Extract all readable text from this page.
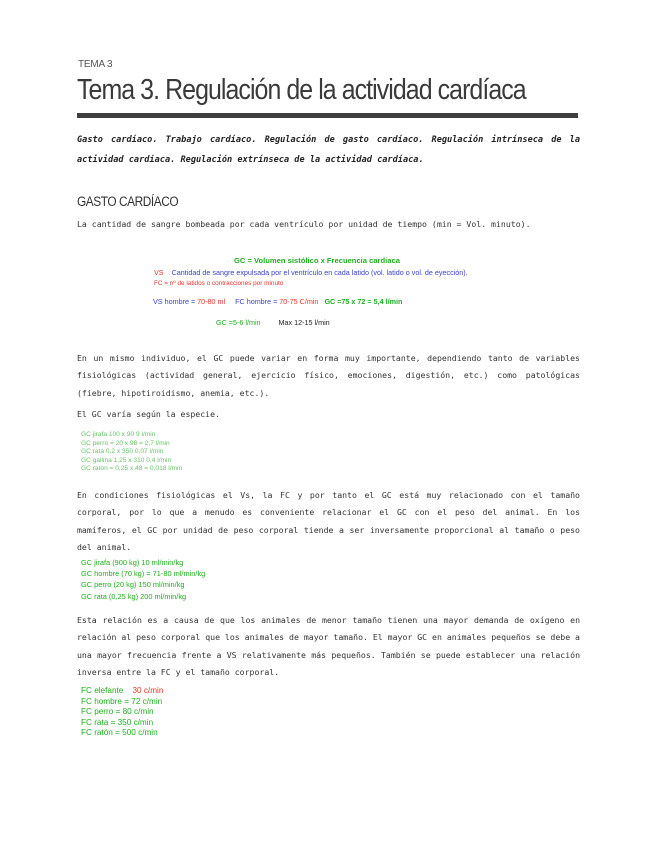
TEMA 3
Tema 3. Regulación de la actividad cardíaca
Gasto cardíaco. Trabajo cardíaco. Regulación de gasto cardíaco. Regulación intrínseca de la actividad cardíaca. Regulación extrínseca de la actividad cardíaca.
GASTO CARDÍACO
La cantidad de sangre bombeada por cada ventrículo por unidad de tiempo (min = Vol. minuto).
GC = Volumen sistólico x Frecuencia cardiaca
VS Cantidad de sangre expulsada por el ventrículo en cada latido (vol. latido o vol. de eyección).
FC = nº de latidos o contracciones por minuto
VS hombre = 70-80 ml FC hombre = 70-75 C/min GC =75 x 72 = 5,4 l/min
GC =5-6 l/min Max 12-15 l/min
En un mismo individuo, el GC puede variar en forma muy importante, dependiendo tanto de variables fisiológicas (actividad general, ejercicio físico, emociones, digestión, etc.) como patológicas (fiebre, hipotiroidismo, anemia, etc.).
El GC varía según la especie.
GC jirafa 100 x 90 9 l/min
GC perro = 20 x 98 = 2,7 l/min
GC rata 0,2 x 350 0,07 l/min
GC gallina 1,25 x 310 0,4 l/min
GC ratón = 0,25 x 48 = 0,018 l/min
En condiciones fisiológicas el Vs, la FC y por tanto el GC está muy relacionado con el tamaño corporal, por lo que a menudo es conveniente relacionar el GC con el peso del animal. En los mamíferos, el GC por unidad de peso corporal tiende a ser inversamente proporcional al tamaño o peso del animal.
GC jirafa (900 kg) 10 ml/min/kg
GC hombre (70 kg) = 71-80 ml/min/kg
GC perro (20 kg) 150 ml/min/kg
GC rata (0,25 kg) 200 ml/min/kg
Esta relación es a causa de que los animales de menor tamaño tienen una mayor demanda de oxígeno en relación al peso corporal que los animales de mayor tamaño. El mayor GC en animales pequeños se debe a una mayor frecuencia frente a VS relativamente más pequeños. También se puede establecer una relación inversa entre la FC y el tamaño corporal.
FC elefante 30 c/min
FC hombre = 72 c/min
FC perro = 80 c/min
FC rata = 350 c/min
FC ratón = 500 c/min
